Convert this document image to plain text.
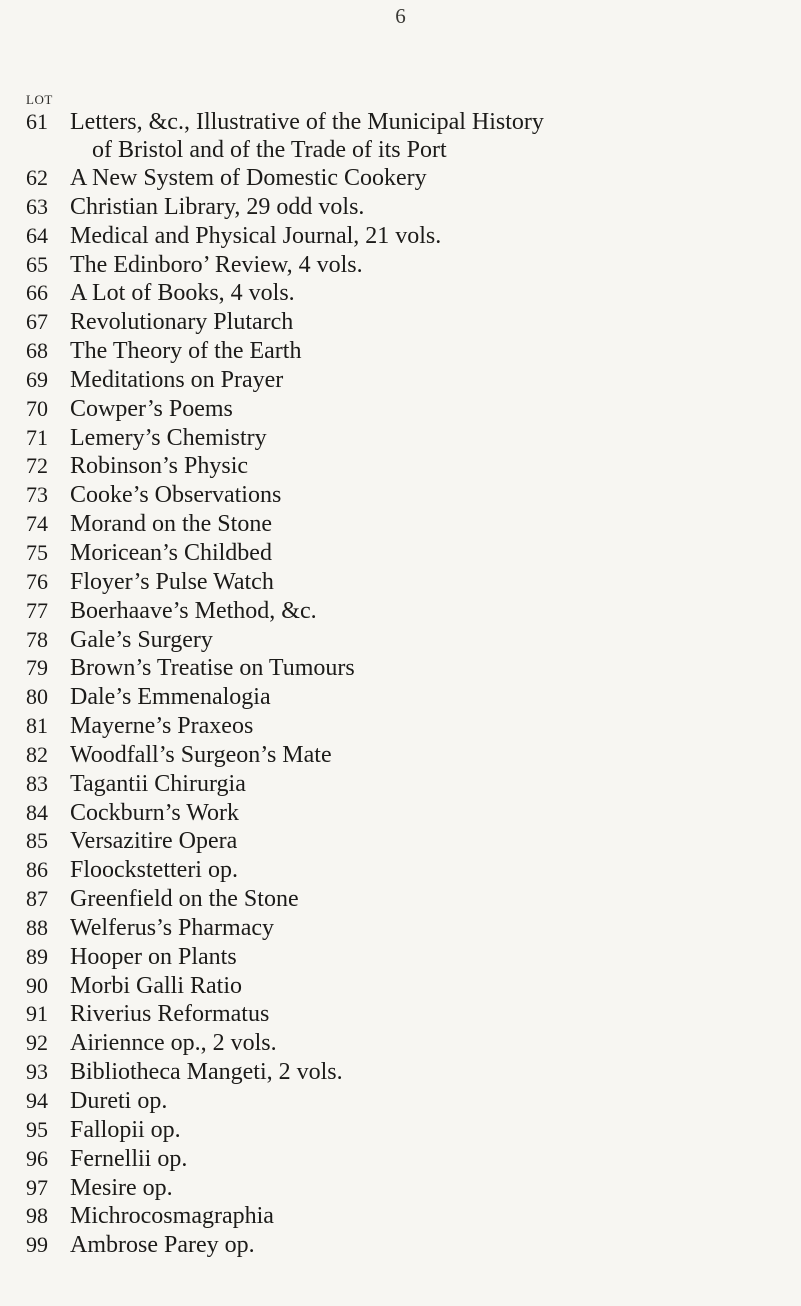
6
LOT
61 Letters, &c., Illustrative of the Municipal History
of Bristol and of the Trade of its Port
62 A New System of Domestic Cookery
63 Christian Library, 29 odd vols.
64 Medical and Physical Journal, 21 vols.
65 The Edinboro’ Review, 4 vols.
66 A Lot of Books, 4 vols.
67 Revolutionary Plutarch
68 The Theory of the Earth
69 Meditations on Prayer
70 Cowper’s Poems
71 Lemery’s Chemistry
72 Robinson’s Physic
73 Cooke’s Observations
74 Morand on the Stone
75 Moricean’s Childbed
76 Floyer’s Pulse Watch
77 Boerhaave’s Method, &c.
78 Gale’s Surgery
79 Brown’s Treatise on Tumours
80 Dale’s Emmenalogia
81 Mayerne’s Praxeos
82 Woodfall’s Surgeon’s Mate
83 Tagantii Chirurgia
84 Cockburn’s Work
85 Versazitire Opera
86 Floockstetteri op.
87 Greenfield on the Stone
88 Welferus’s Pharmacy
89 Hooper on Plants
90 Morbi Galli Ratio
91 Riverius Reformatus
92 Airiennce op., 2 vols.
93 Bibliotheca Mangeti, 2 vols.
94 Dureti op.
95 Fallopii op.
96 Fernellii op.
97 Mesire op.
98 Michrocosmagraphia
99 Ambrose Parey op.
